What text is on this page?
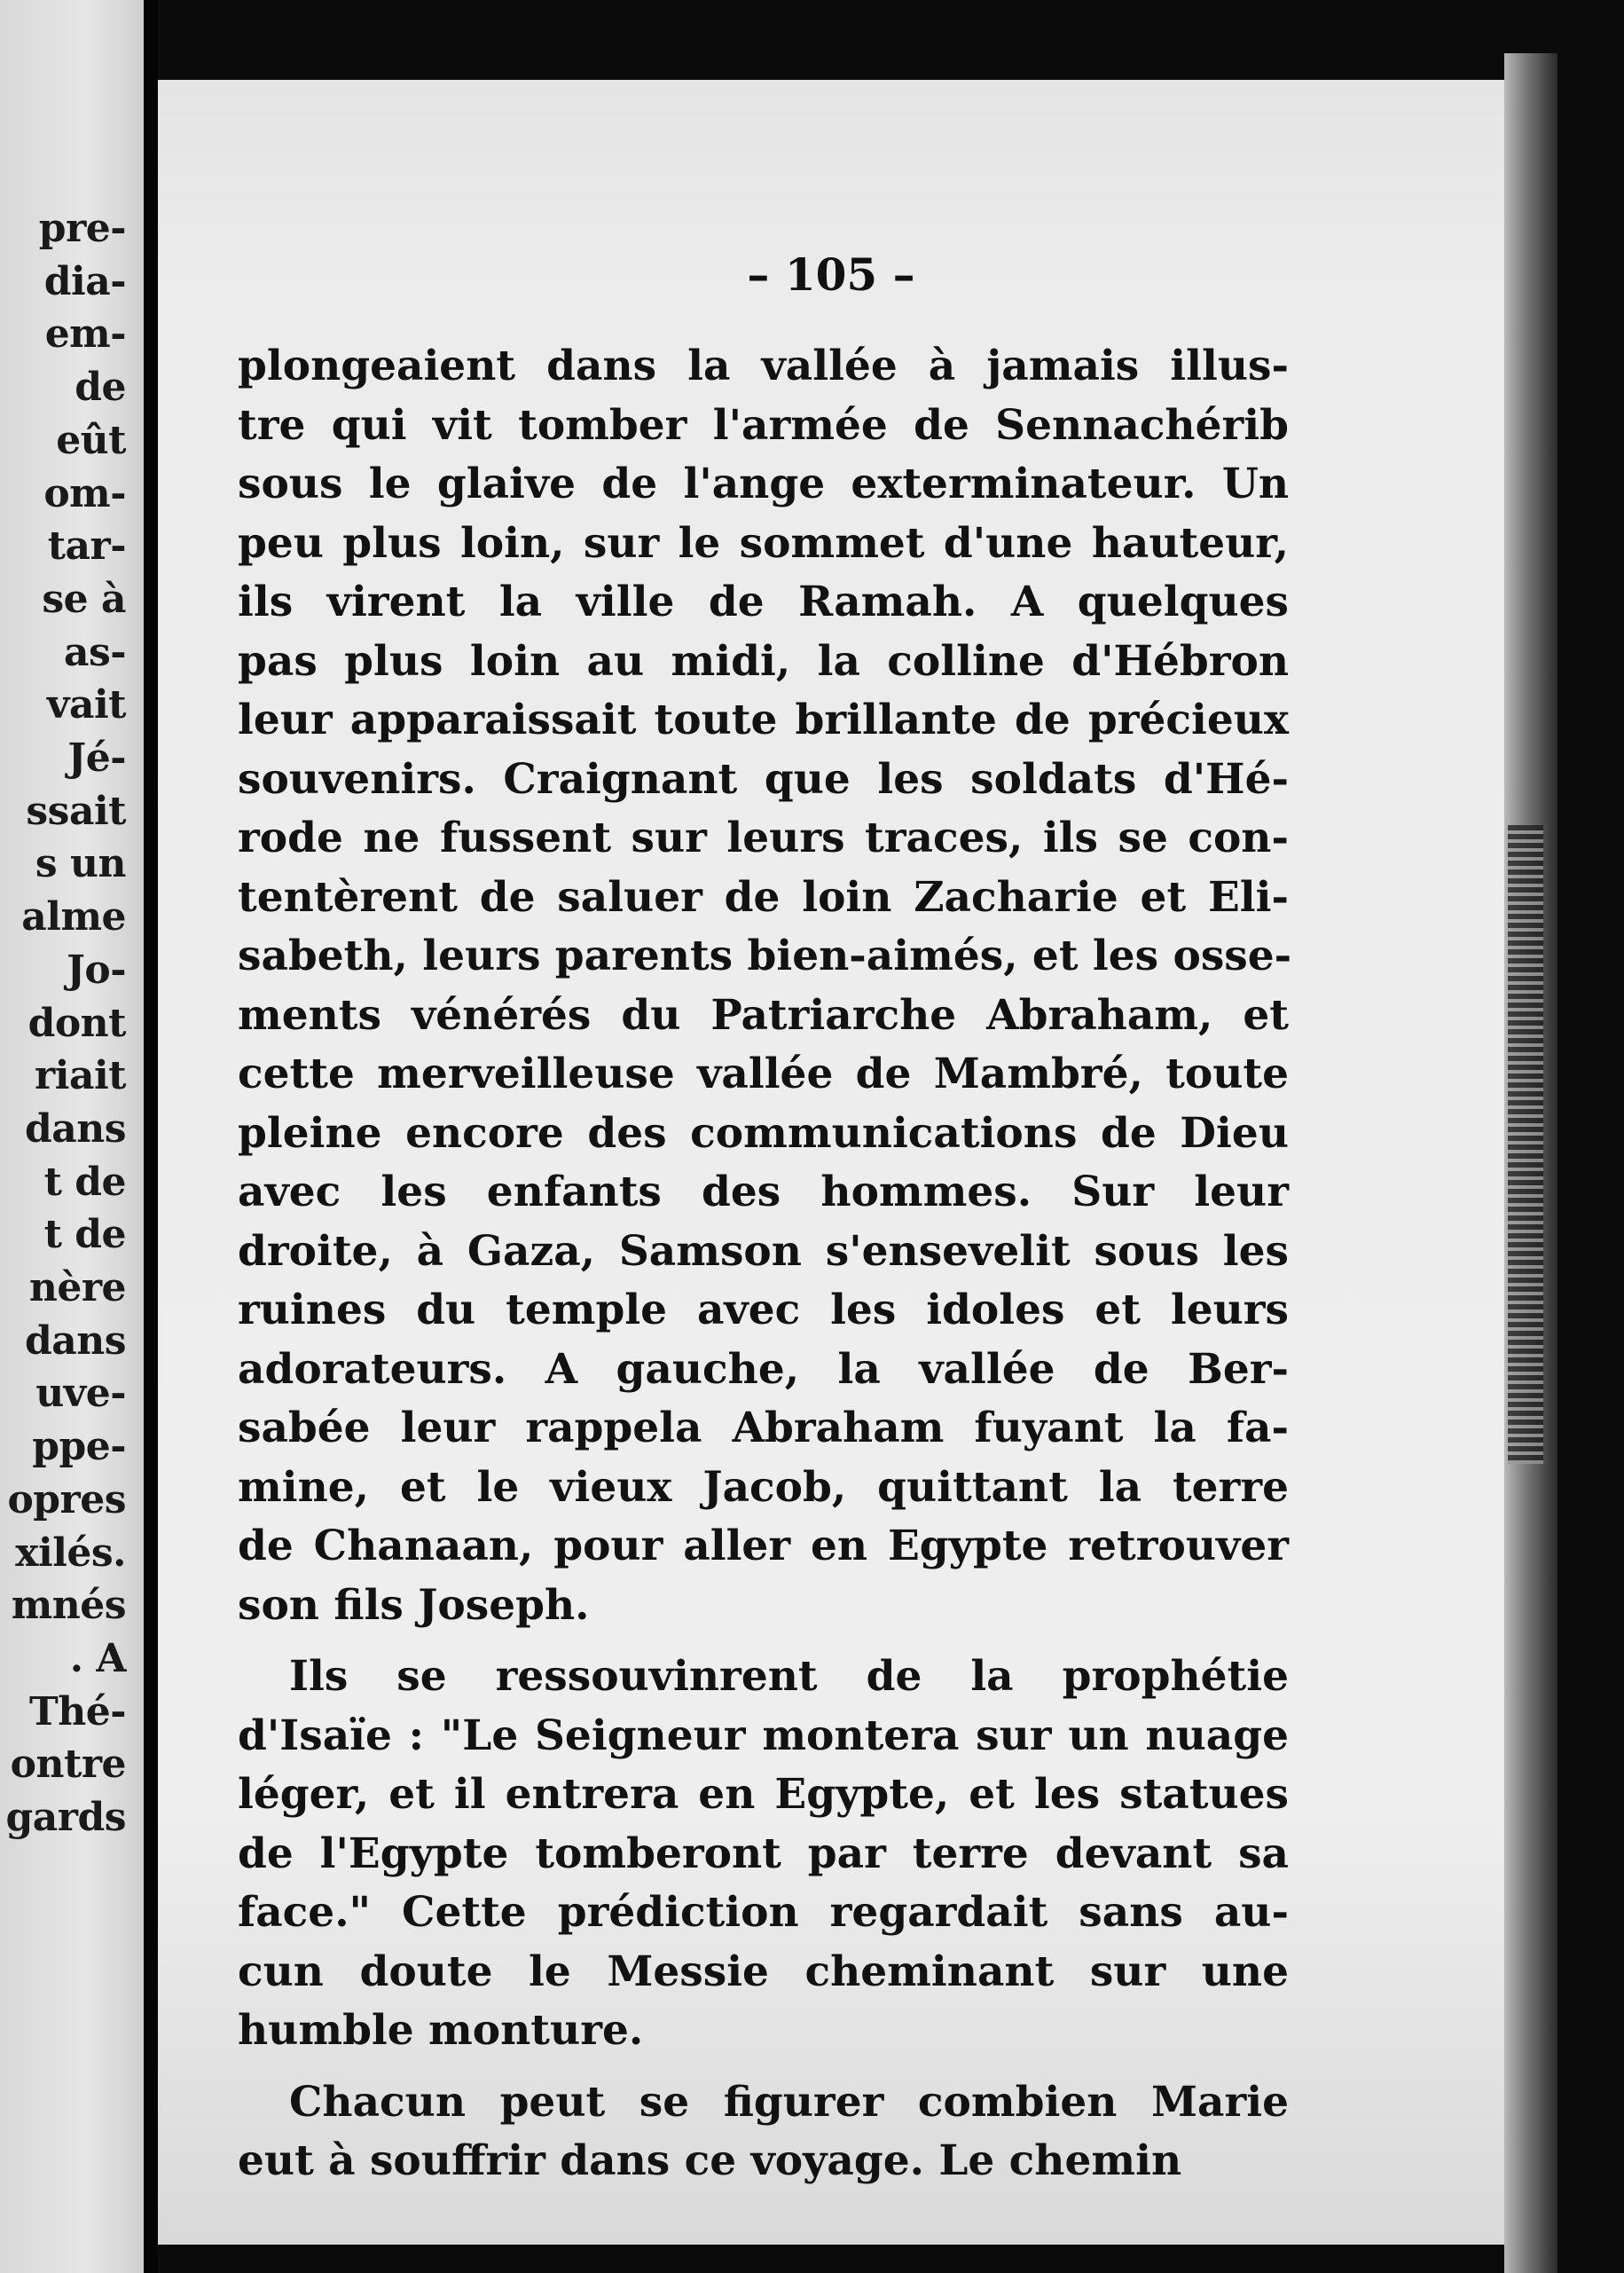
pre-
dia-
em-
de
eût
om-
tar-
se à
as-
vait
Jé-
ssait
s un
alme
Jo-
dont
riait
dans
t de
t de
nère
dans
uve-
ppe-
opres
xilés.
mnés
. A
Thé-
ontre
gards
– 105 –
plongeaient dans la vallée à jamais illus-
tre qui vit tomber l'armée de Sennachérib
sous le glaive de l'ange exterminateur. Un
peu plus loin, sur le sommet d'une hauteur,
ils virent la ville de Ramah. A quelques
pas plus loin au midi, la colline d'Hébron
leur apparaissait toute brillante de précieux
souvenirs. Craignant que les soldats d'Hé-
rode ne fussent sur leurs traces, ils se con-
tentèrent de saluer de loin Zacharie et Eli-
sabeth, leurs parents bien-aimés, et les osse-
ments vénérés du Patriarche Abraham, et
cette merveilleuse vallée de Mambré, toute
pleine encore des communications de Dieu
avec les enfants des hommes. Sur leur
droite, à Gaza, Samson s'ensevelit sous les
ruines du temple avec les idoles et leurs
adorateurs. A gauche, la vallée de Ber-
sabée leur rappela Abraham fuyant la fa-
mine, et le vieux Jacob, quittant la terre
de Chanaan, pour aller en Egypte retrouver
son fils Joseph.
Ils se ressouvinrent de la prophétie
d'Isaïe : "Le Seigneur montera sur un nuage
léger, et il entrera en Egypte, et les statues
de l'Egypte tomberont par terre devant sa
face." Cette prédiction regardait sans au-
cun doute le Messie cheminant sur une
humble monture.
Chacun peut se figurer combien Marie
eut à souffrir dans ce voyage. Le chemin
